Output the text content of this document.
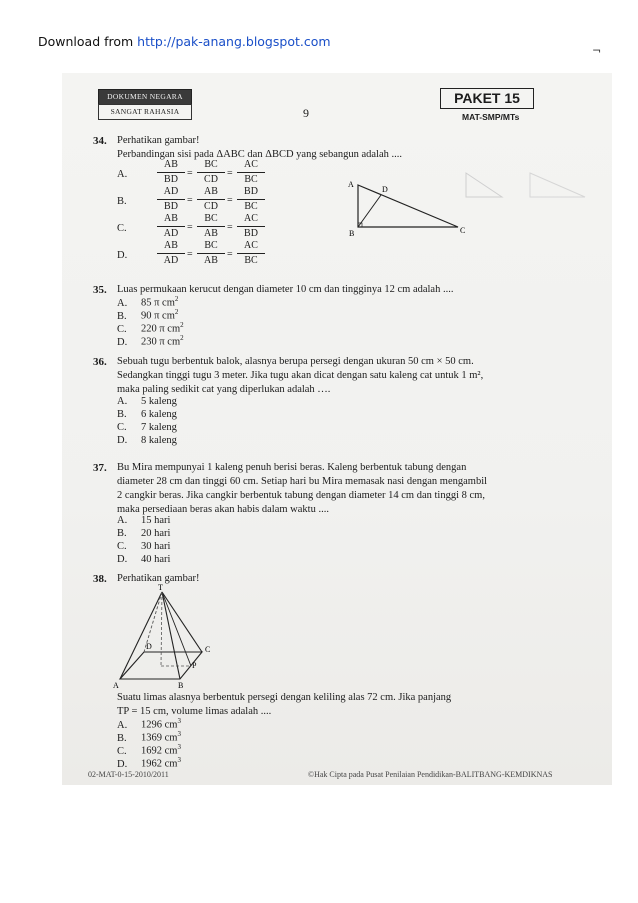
Download from http://pak-anang.blogspot.com
¬
DOKUMEN NEGARA
SANGAT RAHASIA	9
PAKET 15
MAT-SMP/MTs
34. Perhatikan gambar!
Perbandingan sisi pada ΔABC dan ΔBCD yang sebangun adalah ....
A.	$\frac{AB}{BD} = \frac{BC}{CD} = \frac{AC}{BC}$
B.	$\frac{AD}{BD} = \frac{AB}{CD} = \frac{BD}{BC}$
C.	$\frac{AB}{AD} = \frac{BC}{AB} = \frac{AC}{BD}$
D.	$\frac{AB}{AD} = \frac{BC}{AB} = \frac{AC}{BC}$
A
D
B	C
35. Luas permukaan kerucut dengan diameter 10 cm dan tingginya 12 cm adalah ....
A. 85 π $cm^2$
B. 90 π $cm^2$
C. 220 π $cm^2$
D. 230 π $cm^2$
36. Sebuah tugu berbentuk balok, alasnya berupa persegi dengan ukuran 50 cm × 50 cm.
Sedangkan tinggi tugu 3 meter. Jika tugu akan dicat dengan satu kaleng cat untuk 1 m²,
maka paling sedikit cat yang diperlukan adalah ….
A. 5 kaleng
B. 6 kaleng
C. 7 kaleng
D. 8 kaleng
37. Bu Mira mempunyai 1 kaleng penuh berisi beras. Kaleng berbentuk tabung dengan
diameter 28 cm dan tinggi 60 cm. Setiap hari bu Mira memasak nasi dengan mengambil
2 cangkir beras. Jika cangkir berbentuk tabung dengan diameter 14 cm dan tinggi 8 cm,
maka persediaan beras akan habis dalam waktu ....
A. 15 hari
B. 20 hari
C. 30 hari
D. 40 hari
38. Perhatikan gambar!
T
D	C
P
A	B
Suatu limas alasnya berbentuk persegi dengan keliling alas 72 cm. Jika panjang
TP = 15 cm, volume limas adalah ....
A. 1296 $cm^3$
B. 1369 $cm^3$
C. 1692 $cm^3$
D. 1962 $cm^3$
02-MAT-0-15-2010/2011	©Hak Cipta pada Pusat Penilaian Pendidikan-BALITBANG-KEMDIKNAS
